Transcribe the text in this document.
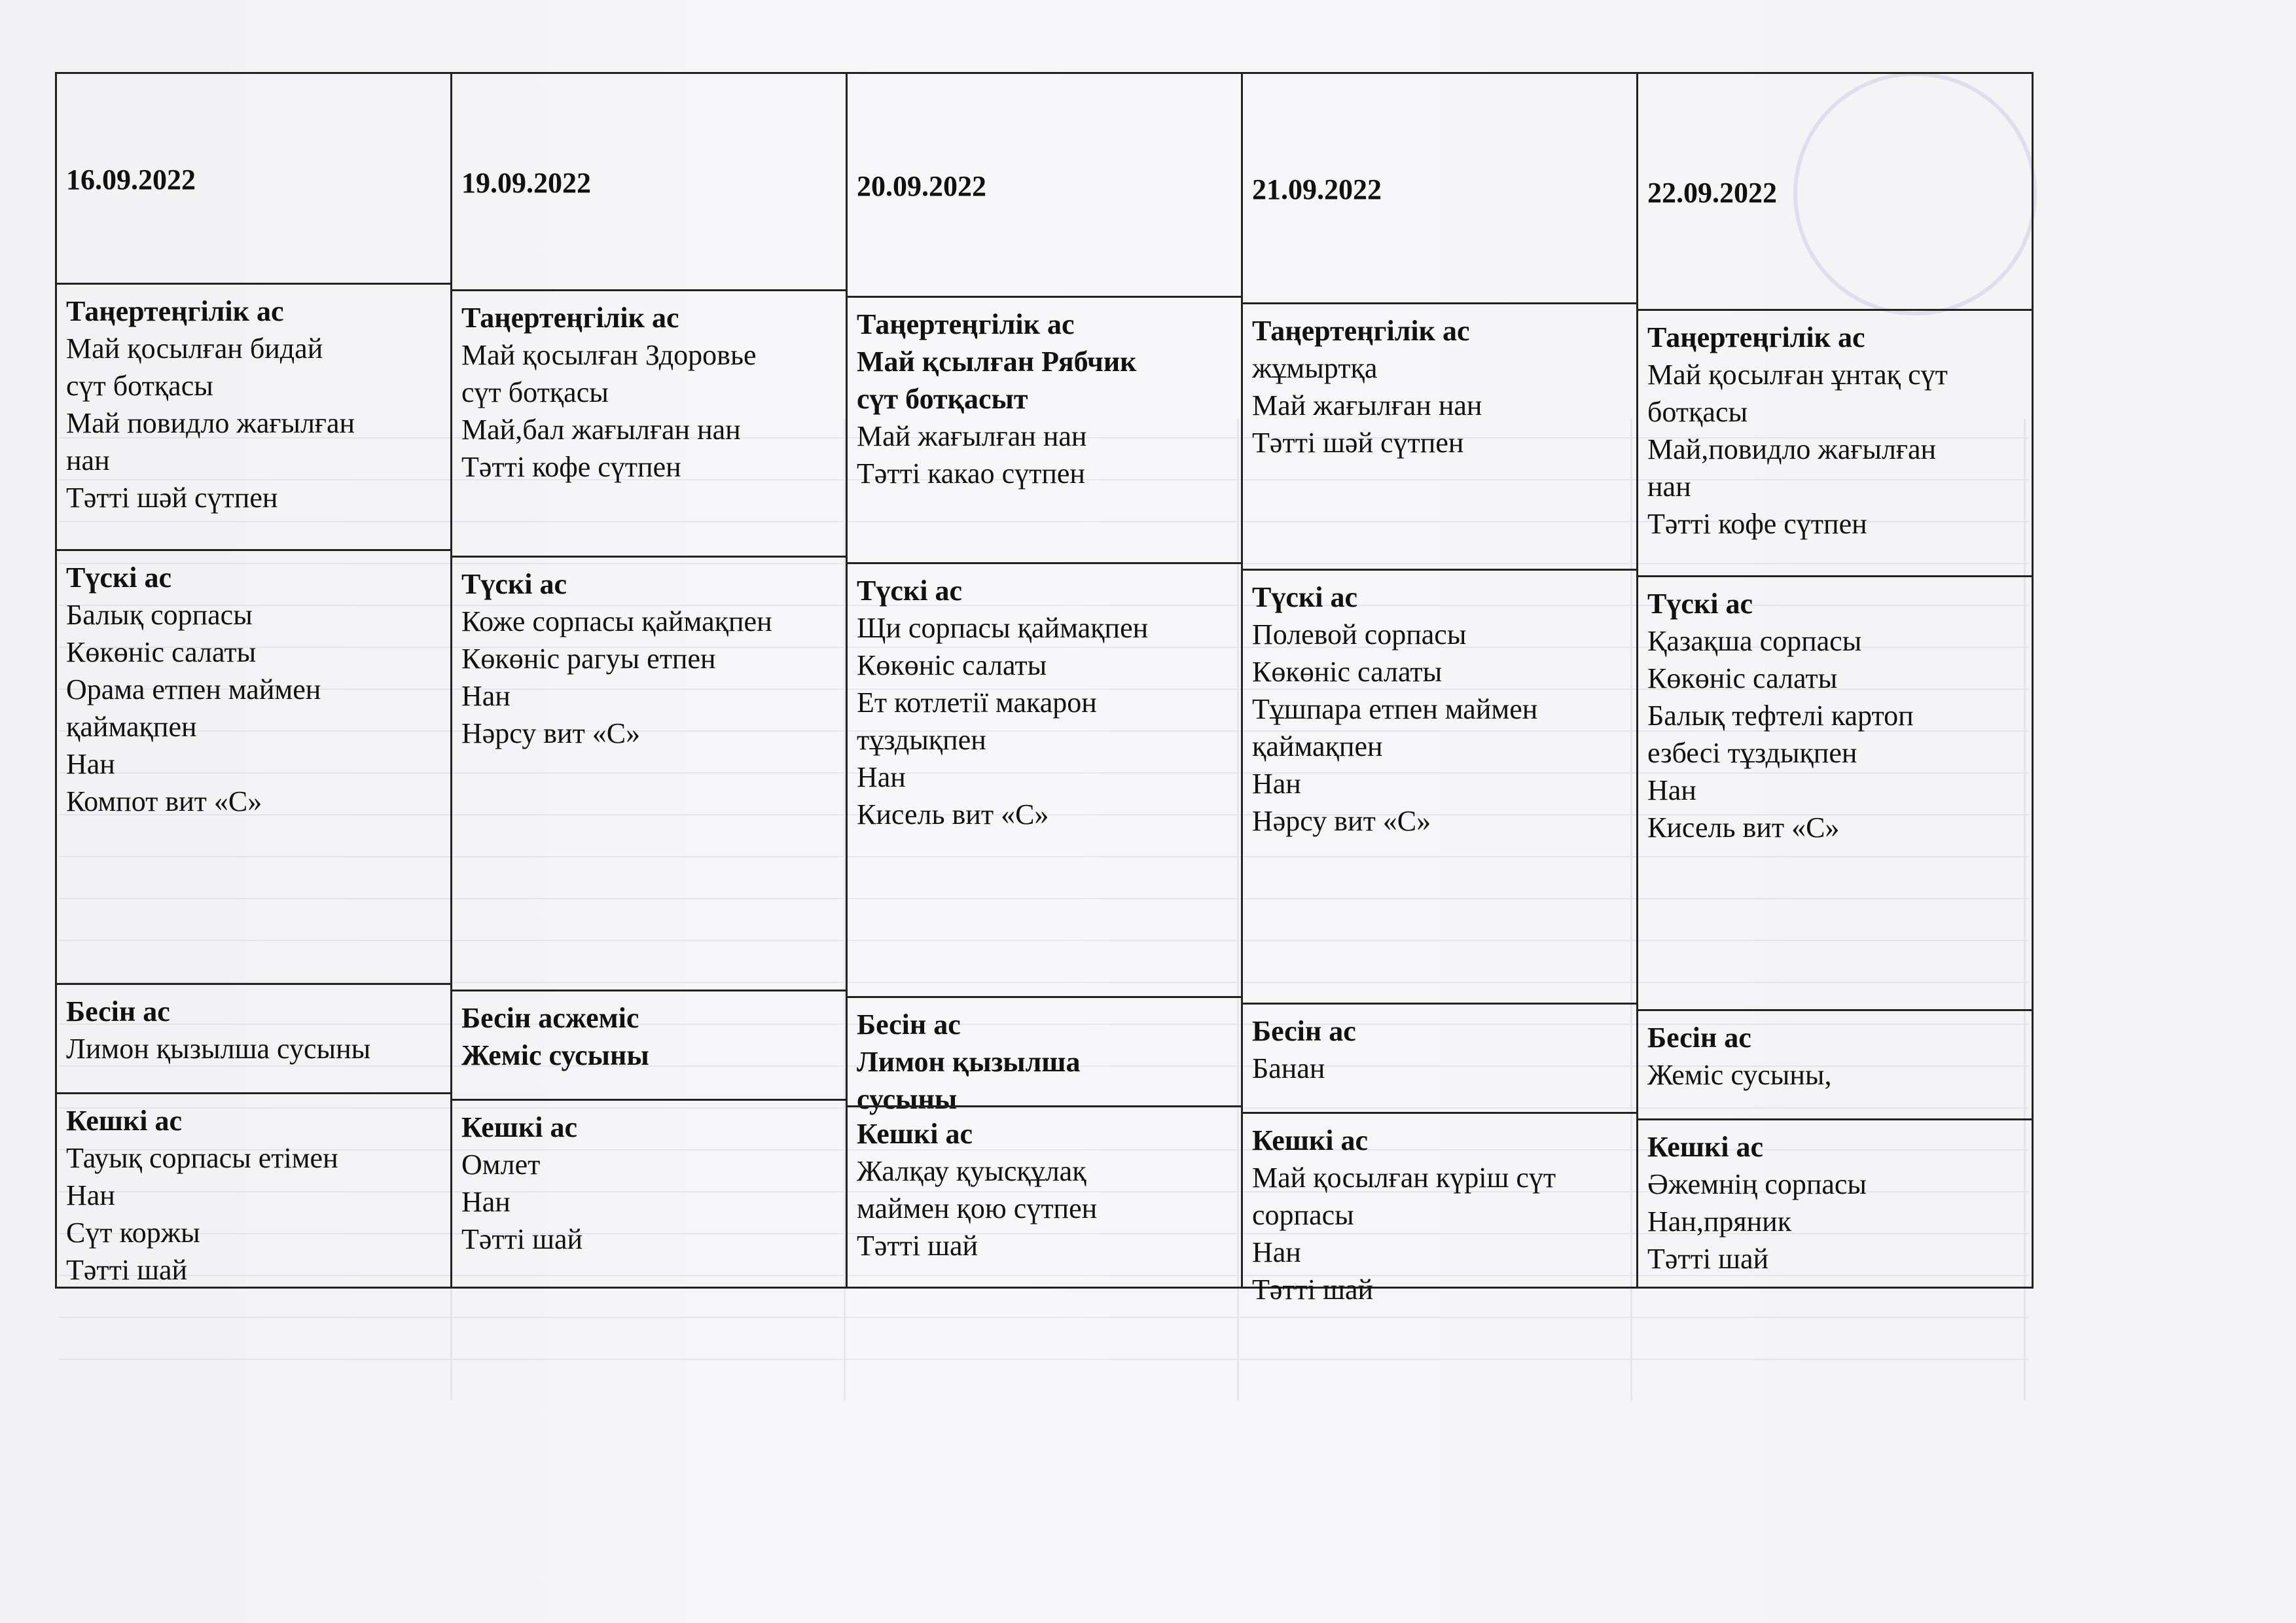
16.09.2022
Таңертеңгілік ас
Май қосылған бидай
сүт ботқасы
Май повидло жағылған
нан
Тәтті шәй сүтпен
Түскі ас
Балық сорпасы
Көкөніс салаты
Орама етпен маймен
қаймақпен
Нан
Компот вит «С»
Бесін ас
Лимон қызылша сусыны
Кешкі ас
Тауық сорпасы етімен
Нан
Сүт коржы
Тәтті шай
19.09.2022
Таңертеңгілік ас
Май қосылған Здоровье
сүт ботқасы
Май,бал жағылған нан
Тәтті кофе сүтпен
Түскі ас
Коже сорпасы қаймақпен
Көкөніс рагуы етпен
Нан
Нәрсу вит «С»
Бесін асжеміс
Жеміс сусыны
Кешкі ас
Омлет
Нан
Тәтті шай
20.09.2022
Таңертеңгілік ас
Май қсылған Рябчик
сүт ботқасыт
Май жағылған нан
Тәтті какао сүтпен
Түскі ас
Щи сорпасы қаймақпен
Көкөніс салаты
Ет котлетії макарон
тұздықпен
Нан
Кисель вит «С»
Бесін ас
Лимон қызылша
сусыны
Кешкі ас
Жалқау қуысқұлақ
маймен қою сүтпен
Тәтті шай
21.09.2022
Таңертеңгілік ас
жұмыртқа
Май жағылған нан
Тәтті шәй сүтпен
Түскі ас
Полевой сорпасы
Көкөніс салаты
Тұшпара етпен маймен
қаймақпен
Нан
Нәрсу вит «С»
Бесін ас
Банан
Кешкі ас
Май қосылған күріш сүт
сорпасы
Нан
Тәтті шай
22.09.2022
Таңертеңгілік ас
Май қосылған ұнтақ сүт
ботқасы
Май,повидло жағылған
нан
Тәтті кофе сүтпен
Түскі ас
Қазақша сорпасы
Көкөніс салаты
Балық тефтелі картоп
езбесі тұздықпен
Нан
Кисель вит «С»
Бесін ас
Жеміс сусыны,
Кешкі ас
Әжемнің сорпасы
Нан,пряник
Тәтті шай
